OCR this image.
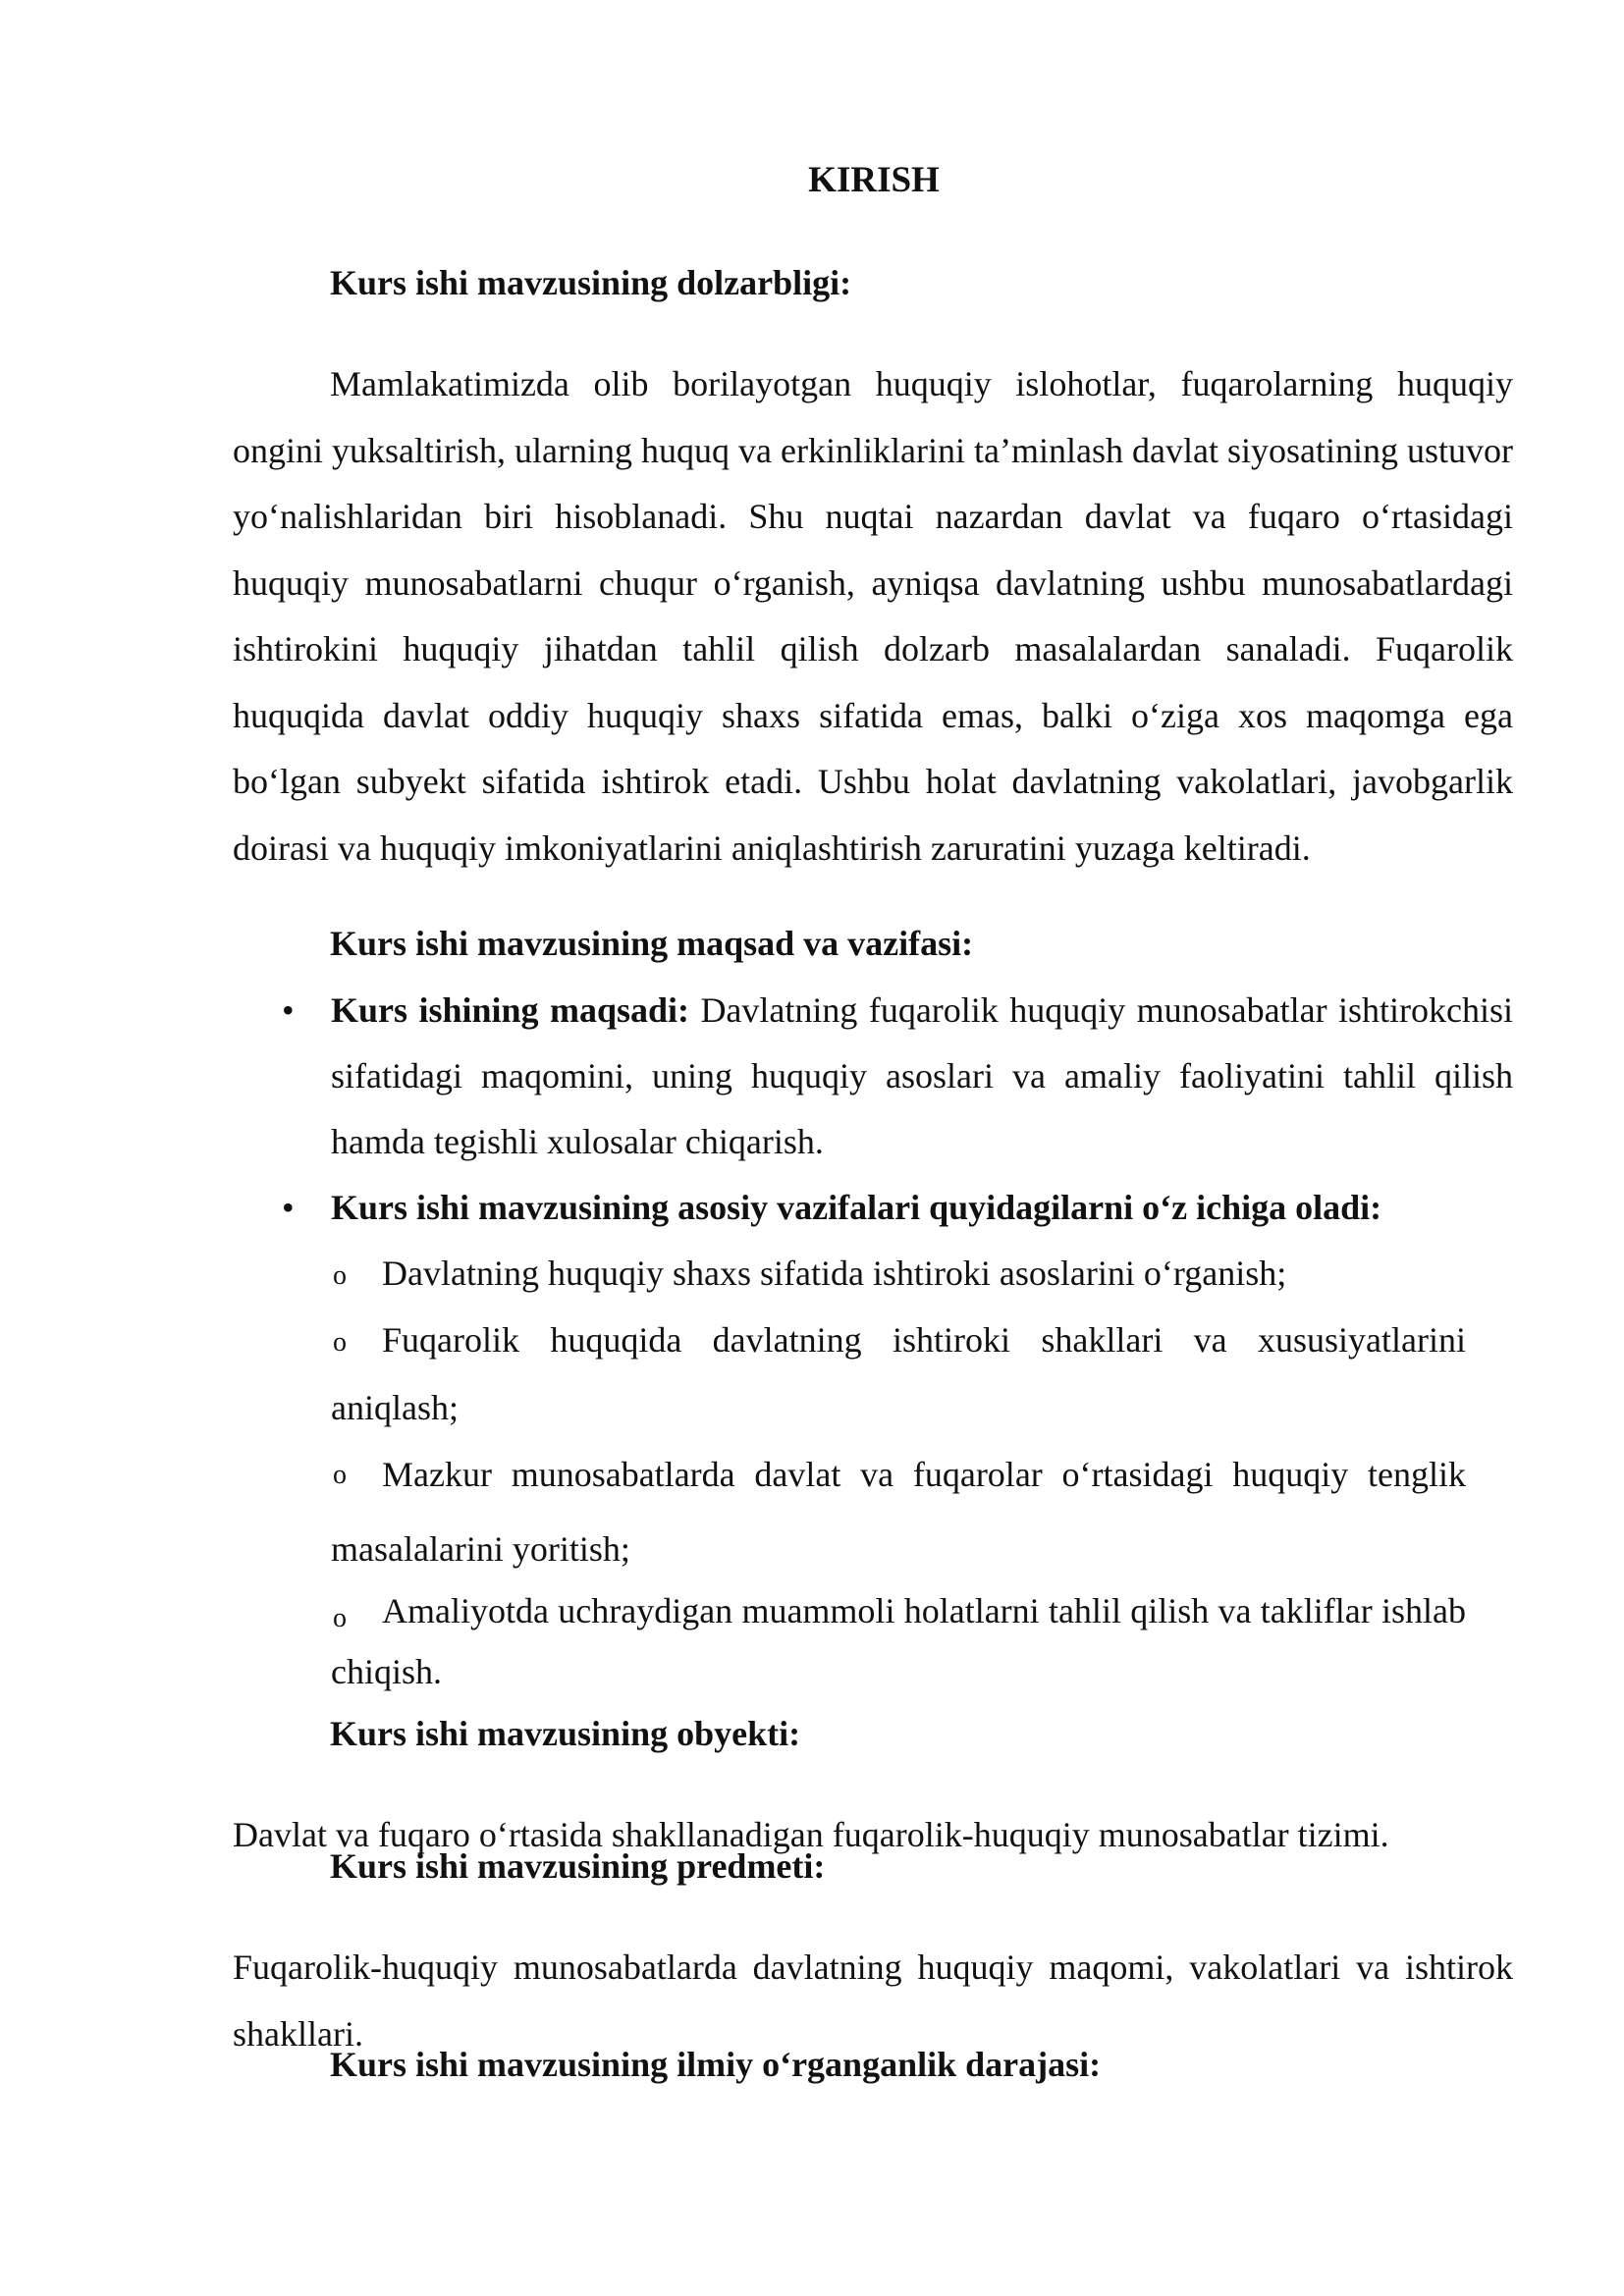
KIRISH
Kurs ishi mavzusining dolzarbligi:

Mamlakatimizda olib borilayotgan huquqiy islohotlar, fuqarolarning huquqiy ongini yuksaltirish, ularning huquq va erkinliklarini ta’minlash davlat siyosatining ustuvor yo‘nalishlaridan biri hisoblanadi. Shu nuqtai nazardan davlat va fuqaro o‘rtasidagi huquqiy munosabatlarni chuqur o‘rganish, ayniqsa davlatning ushbu munosabatlardagi ishtirokini huquqiy jihatdan tahlil qilish dolzarb masalalardan sanaladi. Fuqarolik huquqida davlat oddiy huquqiy shaxs sifatida emas, balki o‘ziga xos maqomga ega bo‘lgan subyekt sifatida ishtirok etadi. Ushbu holat davlatning vakolatlari, javobgarlik doirasi va huquqiy imkoniyatlarini aniqlashtirish zaruratini yuzaga keltiradi.

Kurs ishi mavzusining maqsad va vazifasi:
• Kurs ishining maqsadi: Davlatning fuqarolik huquqiy munosabatlar ishtirokchisi sifatidagi maqomini, uning huquqiy asoslari va amaliy faoliyatini tahlil qilish hamda tegishli xulosalar chiqarish.
• Kurs ishi mavzusining asosiy vazifalari quyidagilarni o‘z ichiga oladi:
o	Davlatning huquqiy shaxs sifatida ishtiroki asoslarini o‘rganish;
o	Fuqarolik huquqida davlatning ishtiroki shakllari va xususiyatlarini aniqlash;
o	Mazkur munosabatlarda davlat va fuqarolar o‘rtasidagi huquqiy tenglik masalalarini yoritish;
o	Amaliyotda uchraydigan muammoli holatlarni tahlil qilish va takliflar ishlab chiqish.
Kurs ishi mavzusining obyekti:

Davlat va fuqaro o‘rtasida shakllanadigan fuqarolik-huquqiy munosabatlar tizimi.

Kurs ishi mavzusining predmeti:

Fuqarolik-huquqiy munosabatlarda davlatning huquqiy maqomi, vakolatlari va ishtirok shakllari.

Kurs ishi mavzusining ilmiy o‘rganganlik darajasi:
